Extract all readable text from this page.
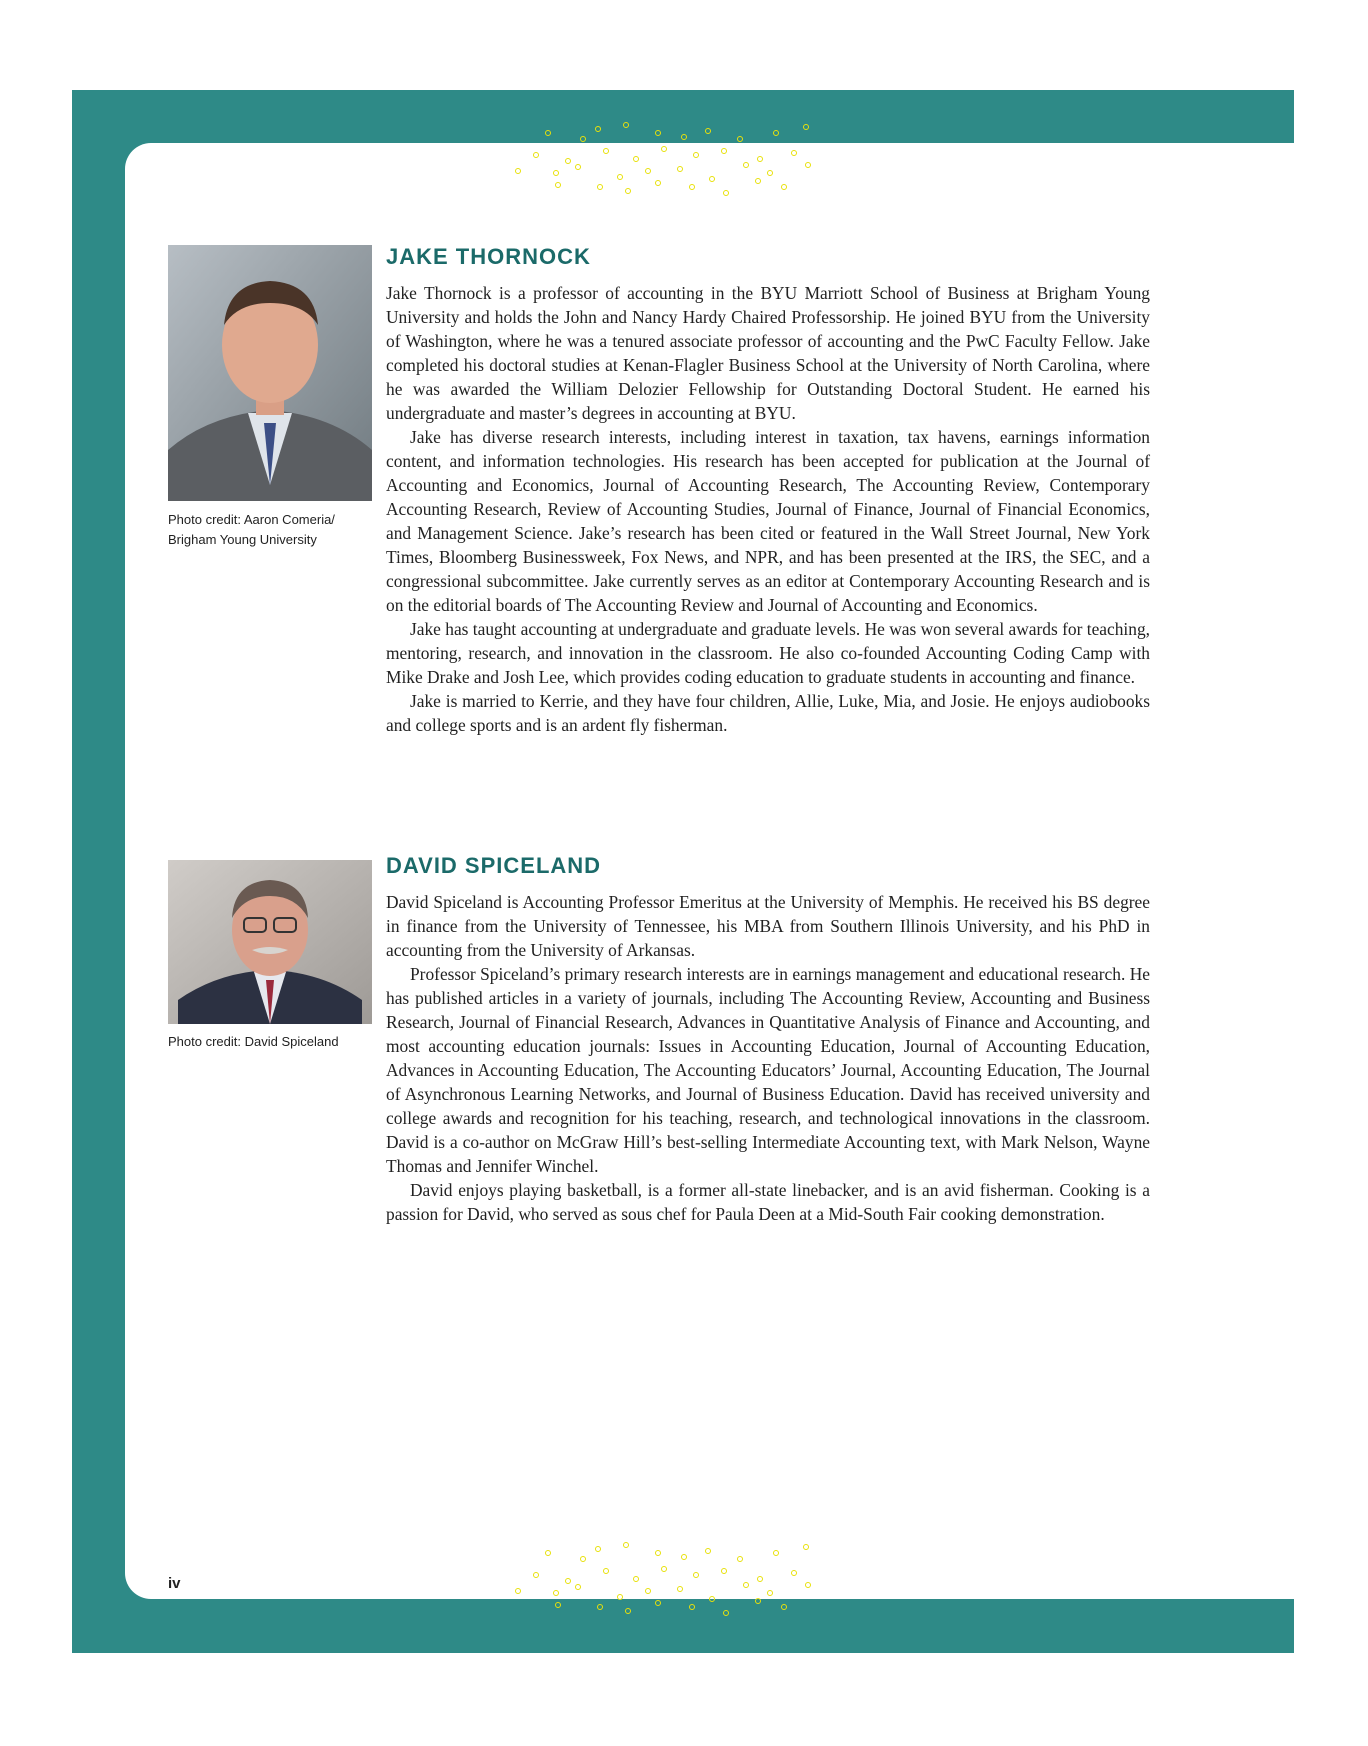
Photo credit: Aaron Comeria/
Brigham Young University

JAKE THORNOCK

Jake Thornock is a professor of accounting in the BYU Marriott School of Business at Brigham Young University and holds the John and Nancy Hardy Chaired Professorship. He joined BYU from the University of Washington, where he was a tenured associate professor of accounting and the PwC Faculty Fellow. Jake completed his doctoral studies at Kenan-Flagler Business School at the University of North Carolina, where he was awarded the William Delozier Fellowship for Outstanding Doctoral Student. He earned his undergraduate and master’s degrees in accounting at BYU.

Jake has diverse research interests, including interest in taxation, tax havens, earnings information content, and information technologies. His research has been accepted for publication at the Journal of Accounting and Economics, Journal of Accounting Research, The Accounting Review, Contemporary Accounting Research, Review of Accounting Studies, Journal of Finance, Journal of Financial Economics, and Management Science. Jake’s research has been cited or featured in the Wall Street Journal, New York Times, Bloomberg Businessweek, Fox News, and NPR, and has been presented at the IRS, the SEC, and a congressional subcommittee. Jake currently serves as an editor at Contemporary Accounting Research and is on the editorial boards of The Accounting Review and Journal of Accounting and Economics.

Jake has taught accounting at undergraduate and graduate levels. He was won several awards for teaching, mentoring, research, and innovation in the classroom. He also co-founded Accounting Coding Camp with Mike Drake and Josh Lee, which provides coding education to graduate students in accounting and finance.

Jake is married to Kerrie, and they have four children, Allie, Luke, Mia, and Josie. He enjoys audiobooks and college sports and is an ardent fly fisherman.

Photo credit: David Spiceland

DAVID SPICELAND

David Spiceland is Accounting Professor Emeritus at the University of Memphis. He received his BS degree in finance from the University of Tennessee, his MBA from Southern Illinois University, and his PhD in accounting from the University of Arkansas.

Professor Spiceland’s primary research interests are in earnings management and educational research. He has published articles in a variety of journals, including The Accounting Review, Accounting and Business Research, Journal of Financial Research, Advances in Quantitative Analysis of Finance and Accounting, and most accounting education journals: Issues in Accounting Education, Journal of Accounting Education, Advances in Accounting Education, The Accounting Educators’ Journal, Accounting Education, The Journal of Asynchronous Learning Networks, and Journal of Business Education. David has received university and college awards and recognition for his teaching, research, and technological innovations in the classroom. David is a co-author on McGraw Hill’s best-selling Intermediate Accounting text, with Mark Nelson, Wayne Thomas and Jennifer Winchel.

David enjoys playing basketball, is a former all-state linebacker, and is an avid fisherman. Cooking is a passion for David, who served as sous chef for Paula Deen at a Mid-South Fair cooking demonstration.

iv
